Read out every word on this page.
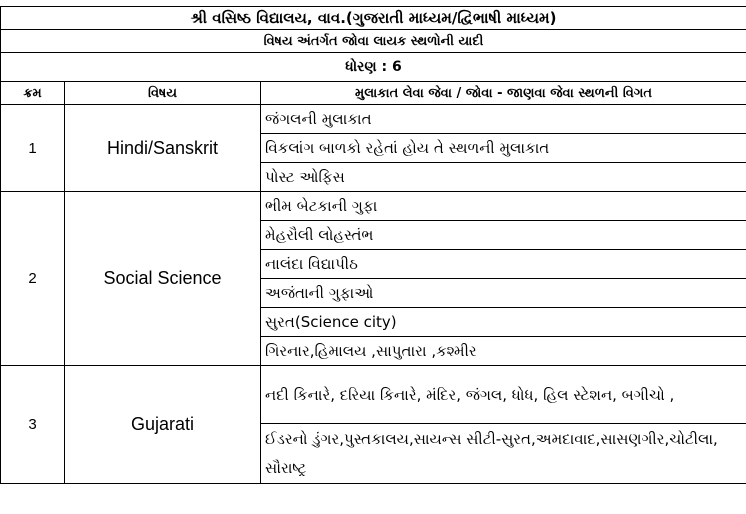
શ્રી વસિષ્ઠ વિદ્યાલય, વાવ.(ગુજરાતી માધ્યમ/દ્વિભાષી માધ્યમ)		
વિષય અંતર્ગત જોવા લાયક સ્થળોની યાદી		
ધોરણ : 6		
ક્રમ	વિષય	મુલાકાત લેવા જેવા / જોવા - જાણવા જેવા સ્થળની વિગત
1	Hindi/Sanskrit	જંગલની મુલાકાત
		વિકલાંગ બાળકો રહેતાં હોય તે સ્થળની મુલાકાત
		પોસ્ટ ઓફિસ
2	Social Science	ભીમ બેટકાની ગુફા
		મેહરૌલી લોહસ્તંભ
		નાલંદા વિદ્યાપીઠ
		અજંતાની ગુફાઓ
		સુરત(Science city)
		ગિરનાર,હિમાલય ,સાપુતારા ,કશ્મીર
3	Gujarati	નદી કિનારે, દરિયા કિનારે, મંદિર, જંગલ, ધોધ, હિલ સ્ટેશન, બગીચો ,
		ઈડરનો ડુંગર,પુસ્તકાલય,સાયન્સ સીટી-સુરત,અમદાવાદ,સાસણગીર,ચોટીલા, સૌરાષ્ટ્ર
